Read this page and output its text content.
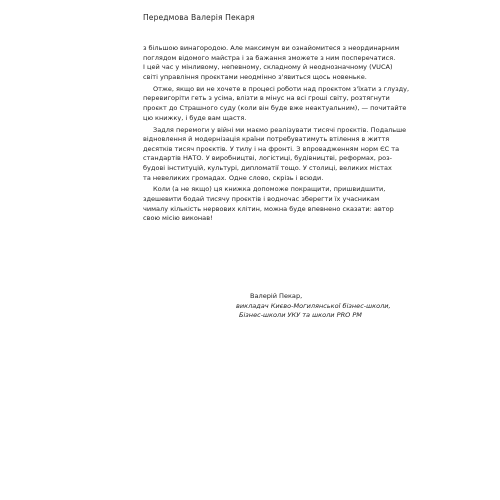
Передмова Валерія Пекаря
з більшою винагородою. Але максимум ви ознайомитеся з неординарним
поглядом відомого майстра і за бажання зможете з ним посперечатися.
І цей час у мінливому, непевному, складному й неоднозначному (VUCA)
світі управління проєктами неодмінно з'явиться щось новеньке.
Отже, якщо ви не хочете в процесі роботи над проєктом з'їхати з глузду,
перевигоріти геть з усіма, влізти в мінус на всі гроші світу, розтягнути
проєкт до Страшного суду (коли він буде вже неактуальним), — почитайте
цю книжку, і буде вам щастя.
Задля перемоги у війні ми маємо реалізувати тисячі проєктів. Подальше
відновлення й модернізація країни потребуватимуть втілення в життя
десятків тисяч проєктів. У тилу і на фронті. З впровадженням норм ЄС та
стандартів НАТО. У виробництві, логістиці, будівництві, реформах, роз-
будові інституцій, культурі, дипломатії тощо. У столиці, великих містах
та невеликих громадах. Одне слово, скрізь і всюди.
Коли (а не якщо) ця книжка допоможе покращити, пришвидшити,
здешевити бодай тисячу проєктів і водночас зберегти їх учасникам
чималу кількість нервових клітин, можна буде впевнено сказати: автор
свою місію виконав!
Валерій Пекар,
викладач Києво-Могилянської бізнес-школи,
Бізнес-школи УКУ та школи PRO PM
